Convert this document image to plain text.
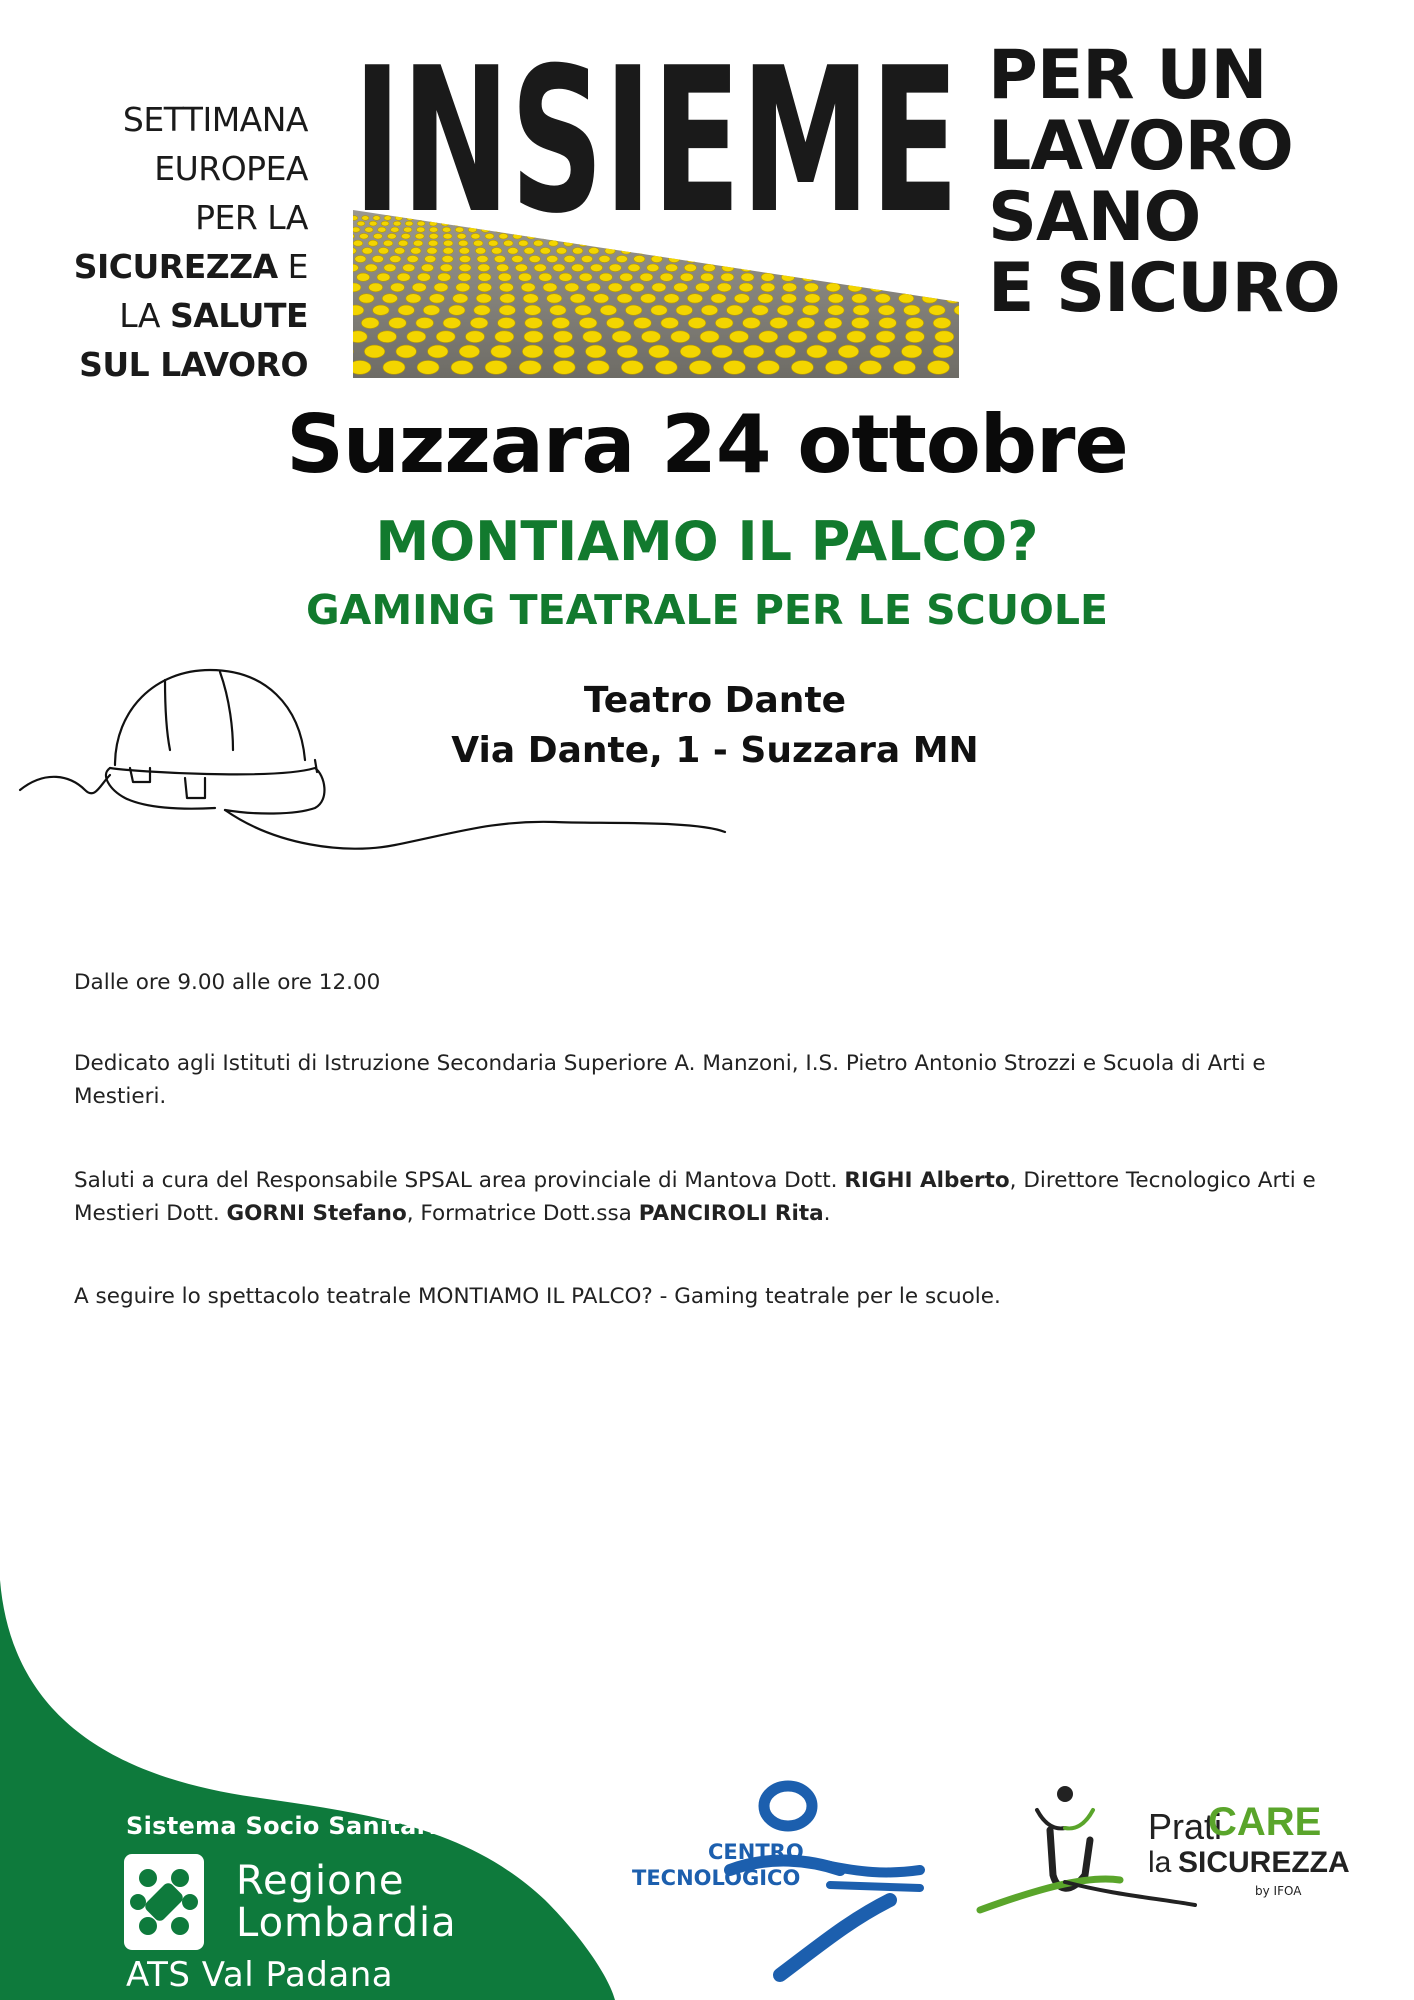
SETTIMANA
EUROPEA
PER LA
SICUREZZA E
LA SALUTE
SUL LAVORO
INSIEME PER UN
LAVORO
SANO
E SICURO
Suzzara 24 ottobre
MONTIAMO IL PALCO?
GAMING TEATRALE PER LE SCUOLE
Teatro Dante
Via Dante, 1 - Suzzara MN
Dalle ore 9.00 alle ore 12.00
Dedicato agli Istituti di Istruzione Secondaria Superiore A. Manzoni, I.S. Pietro Antonio Strozzi e Scuola di Arti e
Mestieri.
Saluti a cura del Responsabile SPSAL area provinciale di Mantova Dott. RIGHI Alberto, Direttore Tecnologico Arti e
Mestieri Dott. GORNI Stefano, Formatrice Dott.ssa PANCIROLI Rita.
A seguire lo spettacolo teatrale MONTIAMO IL PALCO? - Gaming teatrale per le scuole.
Sistema Socio Sanitario
Regione
Lombardia
ATS Val Padana
CENTRO
TECNOLOGICO
Prati
CARE
la SICUREZZA
by IFOA
